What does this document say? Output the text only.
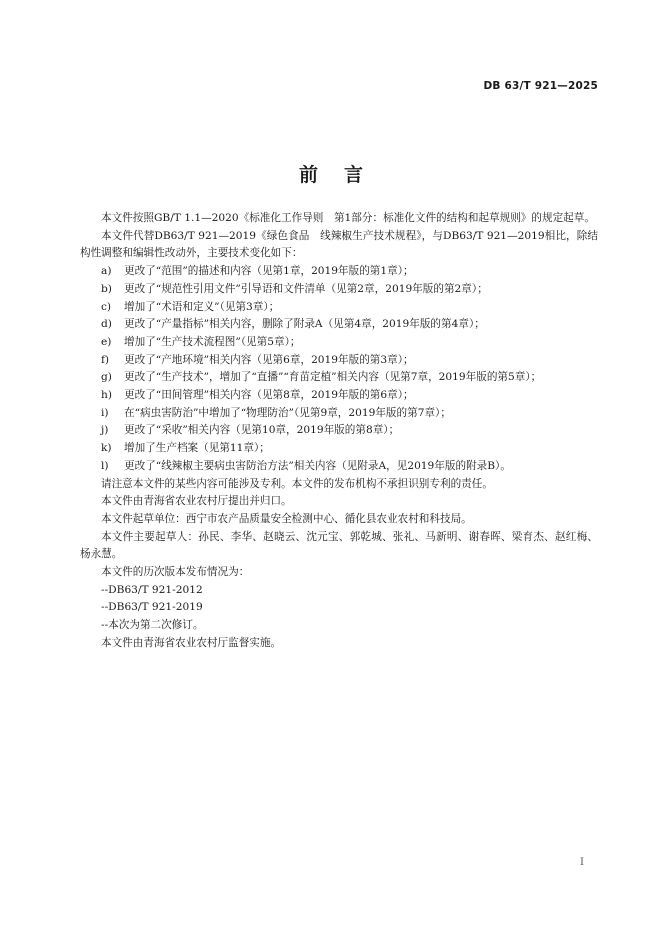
DB 63/T 921—2025
前言

本文件按照GB/T 1.1—2020《标准化工作导则　第1部分：标准化文件的结构和起草规则》的规定起草。

本文件代替DB63/T 921—2019《绿色食品　线辣椒生产技术规程》，与DB63/T 921—2019相比，除结构性调整和编辑性改动外，主要技术变化如下：

a) 更改了“范围”的描述和内容（见第1章，2019年版的第1章）；
b) 更改了“规范性引用文件”引导语和文件清单（见第2章，2019年版的第2章）；
c) 增加了“术语和定义”（见第3章）；
d) 更改了“产量指标”相关内容，删除了附录A（见第4章，2019年版的第4章）；
e) 增加了“生产技术流程图”（见第5章）；
f) 更改了“产地环境”相关内容（见第6章，2019年版的第3章）；
g) 更改了“生产技术”，增加了“直播”“育苗定植”相关内容（见第7章，2019年版的第5章）；
h) 更改了“田间管理”相关内容（见第8章，2019年版的第6章）；
i) 在“病虫害防治”中增加了“物理防治”（见第9章，2019年版的第7章）；
j) 更改了“采收”相关内容（见第10章，2019年版的第8章）；
k) 增加了生产档案（见第11章）；
l) 更改了“线辣椒主要病虫害防治方法”相关内容（见附录A，见2019年版的附录B）。

请注意本文件的某些内容可能涉及专利。本文件的发布机构不承担识别专利的责任。

本文件由青海省农业农村厅提出并归口。

本文件起草单位：西宁市农产品质量安全检测中心、循化县农业农村和科技局。

本文件主要起草人：孙民、李华、赵晓云、沈元宝、郭乾城、张礼、马新明、谢春晖、梁育杰、赵红梅、杨永慧。

本文件的历次版本发布情况为：

--DB63/T 921-2012

--DB63/T 921-2019

--本次为第二次修订。

本文件由青海省农业农村厅监督实施。

I
